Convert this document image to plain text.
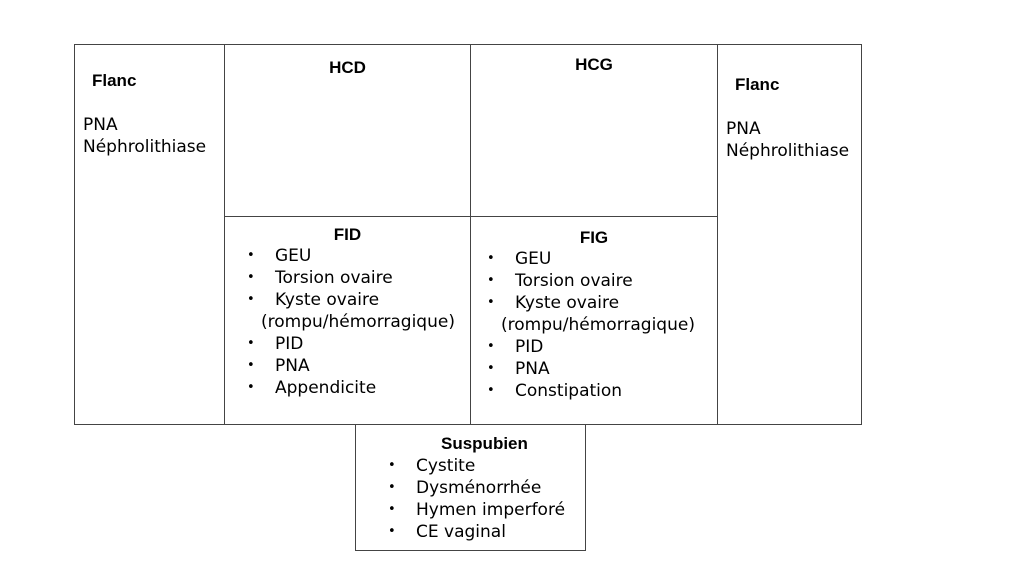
Flanc
PNA
Néphrolithiase
HCD	HCG
Flanc
PNA
Néphrolithiase
FID
• GEU
• Torsion ovaire
• Kyste ovaire
(rompu/hémorragique)
• PID
• PNA
• Appendicite
FIG
• GEU
• Torsion ovaire
• Kyste ovaire
(rompu/hémorragique)
• PID
• PNA
• Constipation
Suspubien
• Cystite
• Dysménorrhée
• Hymen imperforé
• CE vaginal
